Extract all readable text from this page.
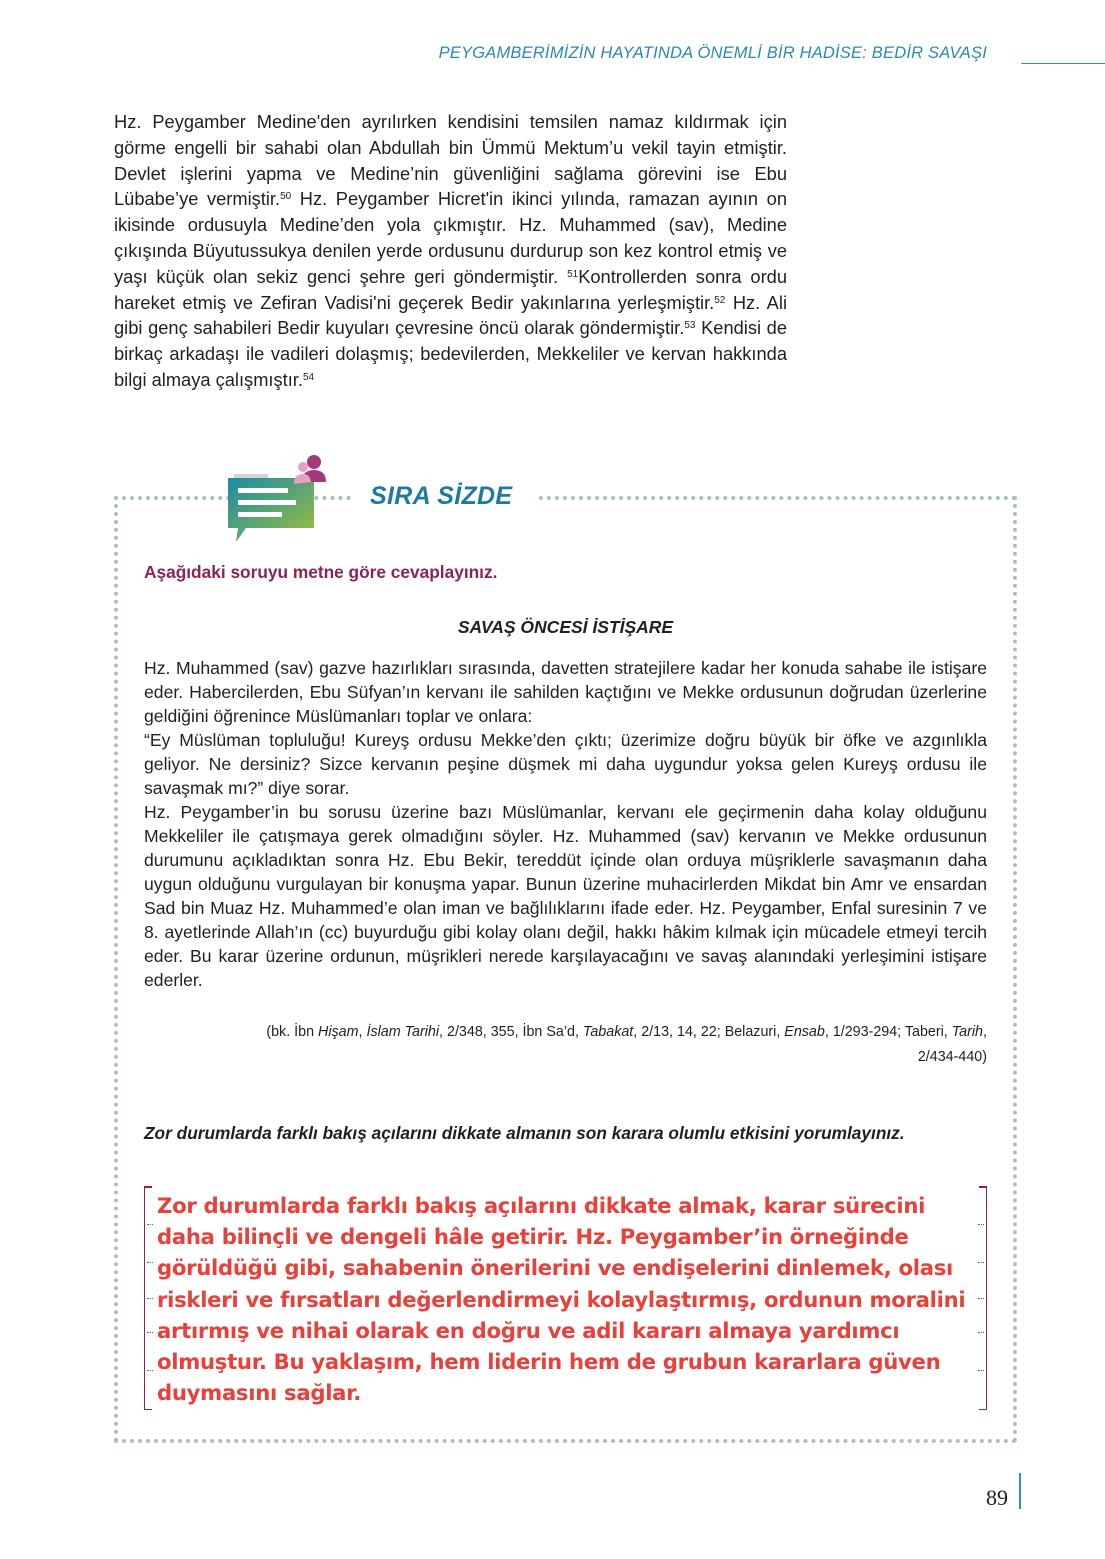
PEYGAMBERİMİZİN HAYATINDA ÖNEMLİ BİR HADİSE: BEDİR SAVAŞI
Hz. Peygamber Medine'den ayrılırken kendisini temsilen namaz kıldırmak için görme engelli bir sahabi olan Abdullah bin Ümmü Mektum’u vekil tayin etmiştir. Devlet işlerini yapma ve Medine’nin güvenliğini sağlama görevini ise Ebu Lübabe’ye vermiştir.$^{50}$ Hz. Peygamber Hicret'in ikinci yılında, ramazan ayının on ikisinde ordusuyla Medine’den yola çıkmıştır. Hz. Muhammed (sav), Medine çıkışında Büyutussukya denilen yerde ordusunu durdurup son kez kontrol etmiş ve yaşı küçük olan sekiz genci şehre geri göndermiştir. $^{51}$Kontrollerden sonra ordu hareket etmiş ve Zefiran Vadisi'ni geçerek Bedir yakınlarına yerleşmiştir.$^{52}$ Hz. Ali gibi genç sahabileri Bedir kuyuları çevresine öncü olarak göndermiştir.$^{53}$ Kendisi de birkaç arkadaşı ile vadileri dolaşmış; bedevilerden, Mekkeliler ve kervan hakkında bilgi almaya çalışmıştır.$^{54}$
SIRA SİZDE
Aşağıdaki soruyu metne göre cevaplayınız.
SAVAŞ ÖNCESİ İSTİŞARE

Hz. Muhammed (sav) gazve hazırlıkları sırasında, davetten stratejilere kadar her konuda sahabe ile istişare eder. Habercilerden, Ebu Süfyan’ın kervanı ile sahilden kaçtığını ve Mekke ordusunun doğrudan üzerlerine geldiğini öğrenince Müslümanları toplar ve onlara:

“Ey Müslüman topluluğu! Kureyş ordusu Mekke’den çıktı; üzerimize doğru büyük bir öfke ve azgınlıkla geliyor. Ne dersiniz? Sizce kervanın peşine düşmek mi daha uygundur yoksa gelen Kureyş ordusu ile savaşmak mı?” diye sorar.

Hz. Peygamber’in bu sorusu üzerine bazı Müslümanlar, kervanı ele geçirmenin daha kolay olduğunu Mekkeliler ile çatışmaya gerek olmadığını söyler. Hz. Muhammed (sav) kervanın ve Mekke ordusunun durumunu açıkladıktan sonra Hz. Ebu Bekir, tereddüt içinde olan orduya müşriklerle savaşmanın daha uygun olduğunu vurgulayan bir konuşma yapar. Bunun üzerine muhacirlerden Mikdat bin Amr ve ensardan Sad bin Muaz Hz. Muhammed’e olan iman ve bağlılıklarını ifade eder. Hz. Peygamber, Enfal suresinin 7 ve 8. ayetlerinde Allah’ın (cc) buyurduğu gibi kolay olanı değil, hakkı hâkim kılmak için mücadele etmeyi tercih eder. Bu karar üzerine ordunun, müşrikleri nerede karşılayacağını ve savaş alanındaki yerleşimini istişare ederler.

(bk. İbn Hişam, İslam Tarihi, 2/348, 355, İbn Sa’d, Tabakat, 2/13, 14, 22; Belazuri, Ensab, 1/293-294; Taberi, Tarih,
2/434-440)
Zor durumlarda farklı bakış açılarını dikkate almanın son karara olumlu etkisini yorumlayınız.
Zor durumlarda farklı bakış açılarını dikkate almak, karar sürecini daha bilinçli ve dengeli hâle getirir. Hz. Peygamber’in örneğinde görüldüğü gibi, sahabenin önerilerini ve endişelerini dinlemek, olası riskleri ve fırsatları değerlendirmeyi kolaylaştırmış, ordunun moralini artırmış ve nihai olarak en doğru ve adil kararı almaya yardımcı olmuştur. Bu yaklaşım, hem liderin hem de grubun kararlara güven duymasını sağlar.
89
